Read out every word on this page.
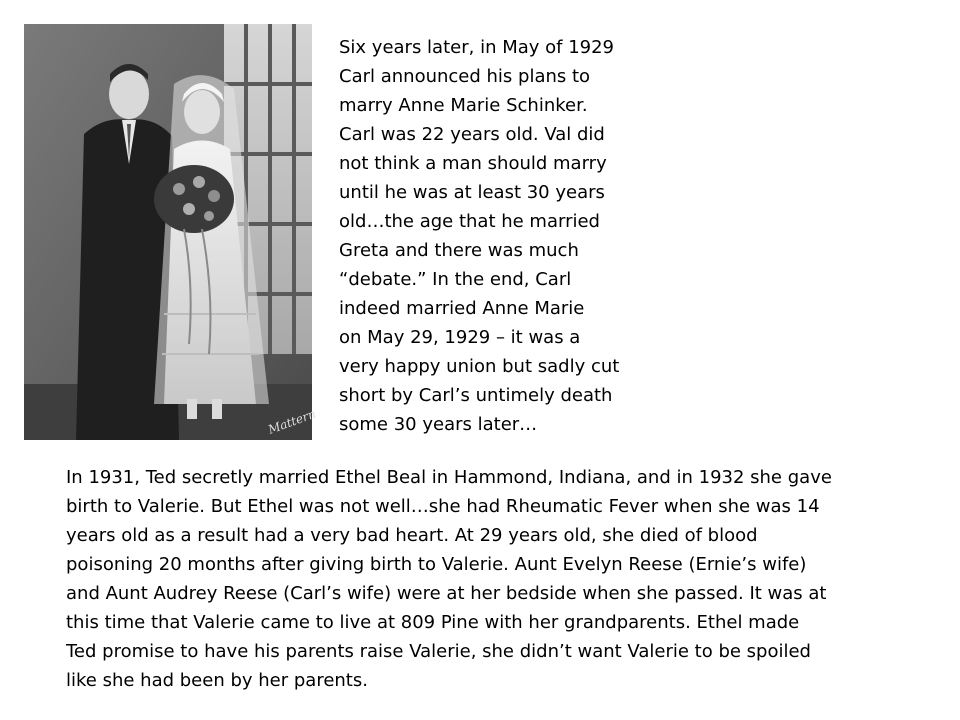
Mattern
Six years later, in May of 1929
Carl announced his plans to
marry Anne Marie Schinker.
Carl was 22 years old. Val did
not think a man should marry
until he was at least 30 years
old…the age that he married
Greta and there was much
“debate.” In the end, Carl
indeed married Anne Marie
on May 29, 1929 – it was a
very happy union but sadly cut
short by Carl’s untimely death
some 30 years later…
In 1931, Ted secretly married Ethel Beal in Hammond, Indiana, and in 1932 she gave
birth to Valerie. But Ethel was not well…she had Rheumatic Fever when she was 14
years old as a result had a very bad heart. At 29 years old, she died of blood
poisoning 20 months after giving birth to Valerie. Aunt Evelyn Reese (Ernie’s wife)
and Aunt Audrey Reese (Carl’s wife) were at her bedside when she passed. It was at
this time that Valerie came to live at 809 Pine with her grandparents. Ethel made
Ted promise to have his parents raise Valerie, she didn’t want Valerie to be spoiled
like she had been by her parents.
